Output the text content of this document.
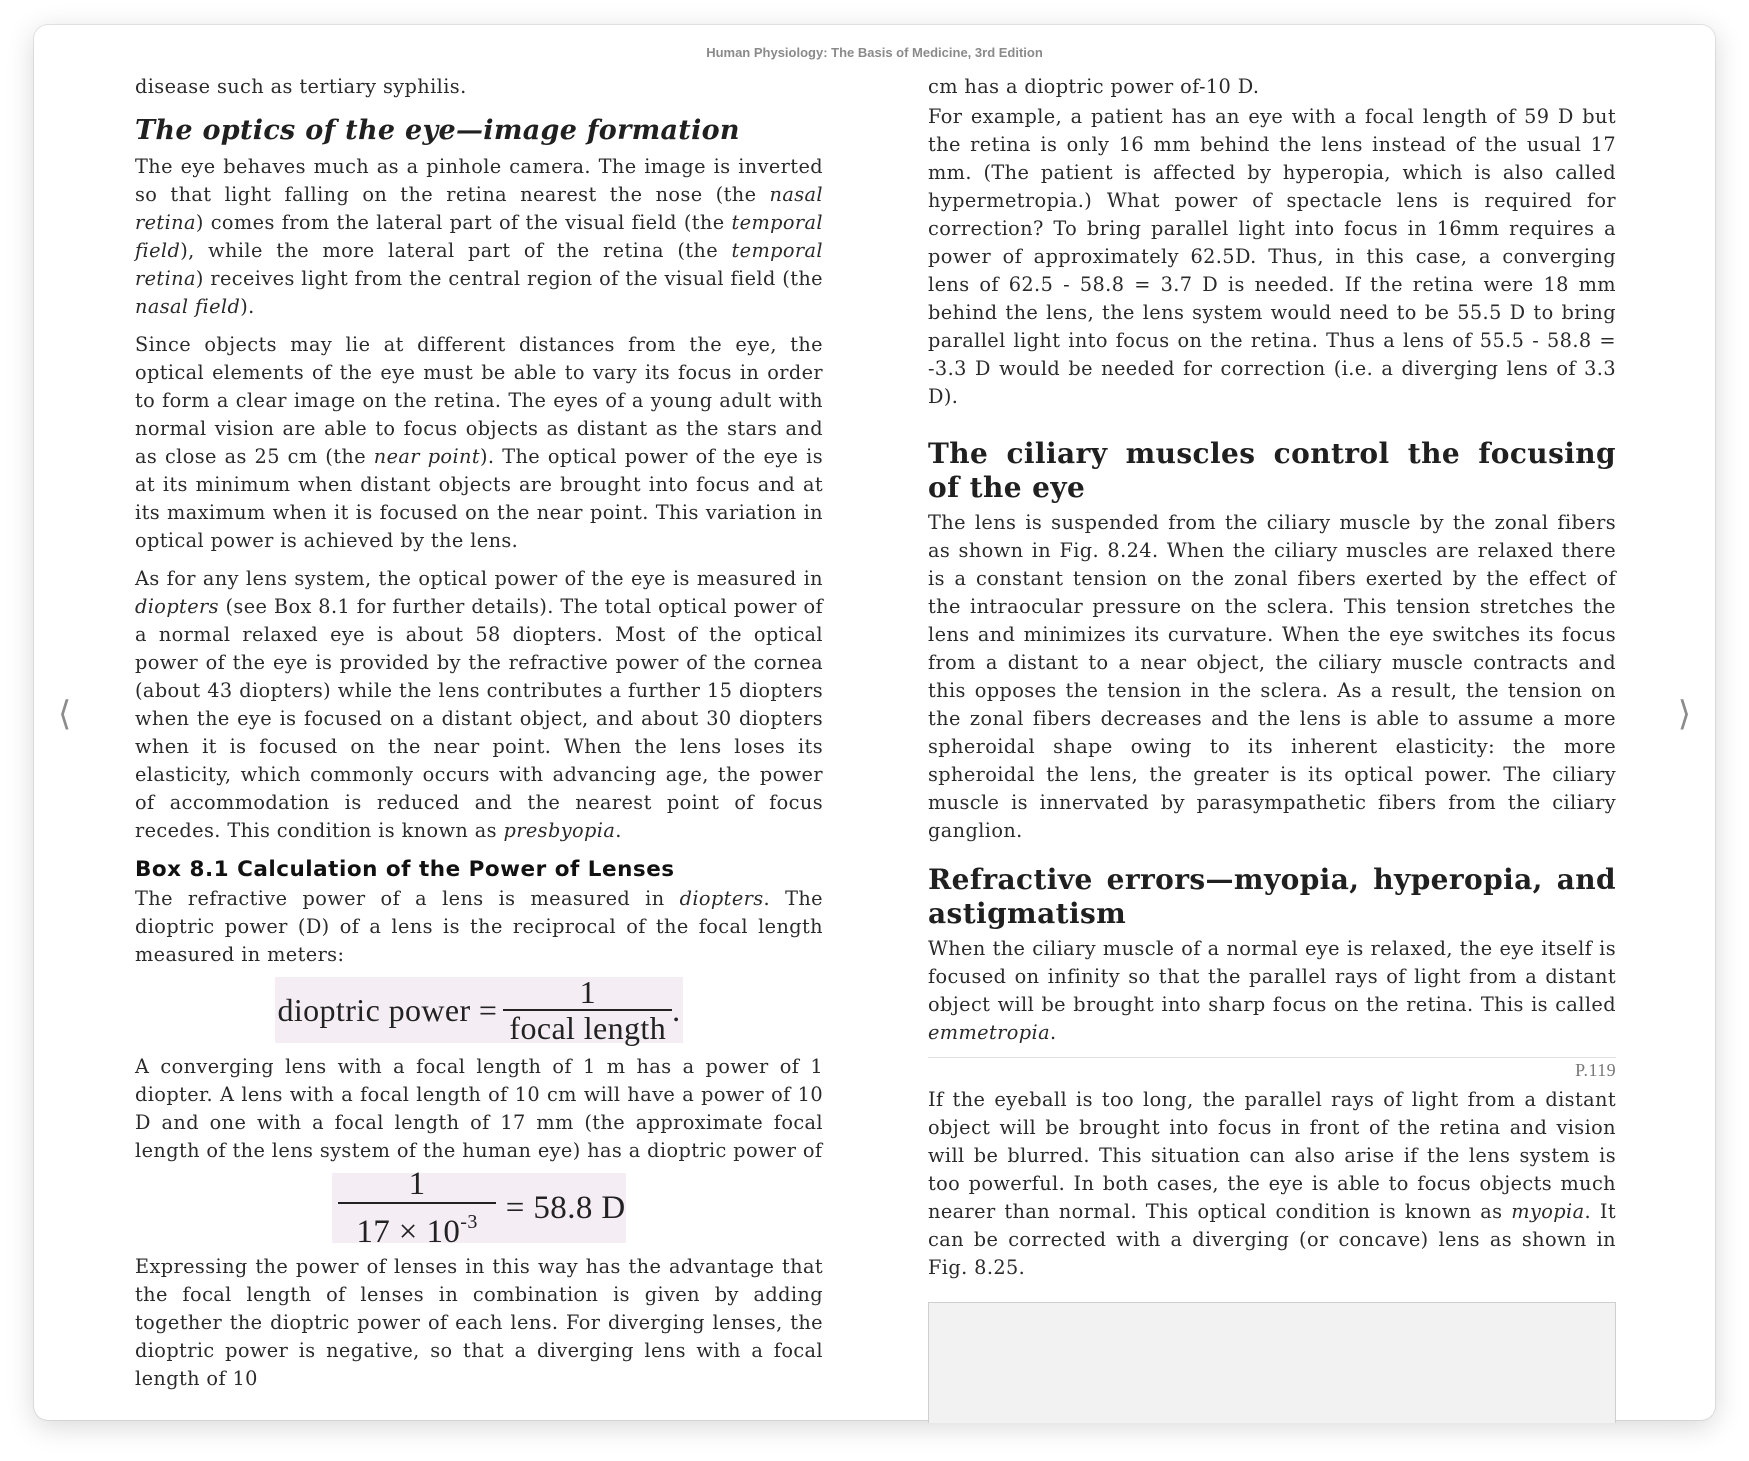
Human Physiology: The Basis of Medicine, 3rd Edition
⟨	⟩

disease such as tertiary syphilis.

The optics of the eye—image formation

The eye behaves much as a pinhole camera. The image is inverted so that light falling on the retina nearest the nose (the nasal retina) comes from the lateral part of the visual field (the temporal field), while the more lateral part of the retina (the temporal retina) receives light from the central region of the visual field (the nasal field).

Since objects may lie at different distances from the eye, the optical elements of the eye must be able to vary its focus in order to form a clear image on the retina. The eyes of a young adult with normal vision are able to focus objects as distant as the stars and as close as 25 cm (the near point). The optical power of the eye is at its minimum when distant objects are brought into focus and at its maximum when it is focused on the near point. This variation in optical power is achieved by the lens.

As for any lens system, the optical power of the eye is measured in diopters (see Box 8.1 for further details). The total optical power of a normal relaxed eye is about 58 diopters. Most of the optical power of the eye is provided by the refractive power of the cornea (about 43 diopters) while the lens contributes a further 15 diopters when the eye is focused on a distant object, and about 30 diopters when it is focused on the near point. When the lens loses its elasticity, which commonly occurs with advancing age, the power of accommodation is reduced and the nearest point of focus recedes. This condition is known as presbyopia.

Box 8.1 Calculation of the Power of Lenses

The refractive power of a lens is measured in diopters. The dioptric power (D) of a lens is the reciprocal of the focal length measured in meters:

dioptric power = $\frac{1}{\text{focal length}}$ .

A converging lens with a focal length of 1 m has a power of 1 diopter. A lens with a focal length of 10 cm will have a power of 10 D and one with a focal length of 17 mm (the approximate focal length of the lens system of the human eye) has a dioptric power of

$\frac{1}{17 \times 10^{-3}} = 58.8$ D

Expressing the power of lenses in this way has the advantage that the focal length of lenses in combination is given by adding together the dioptric power of each lens. For diverging lenses, the dioptric power is negative, so that a diverging lens with a focal length of 10

cm has a dioptric power of-10 D.

For example, a patient has an eye with a focal length of 59 D but the retina is only 16 mm behind the lens instead of the usual 17 mm. (The patient is affected by hyperopia, which is also called hypermetropia.) What power of spectacle lens is required for correction? To bring parallel light into focus in 16mm requires a power of approximately 62.5D. Thus, in this case, a converging lens of 62.5 - 58.8 = 3.7 D is needed. If the retina were 18 mm behind the lens, the lens system would need to be 55.5 D to bring parallel light into focus on the retina. Thus a lens of 55.5 - 58.8 = -3.3 D would be needed for correction (i.e. a diverging lens of 3.3 D).

The ciliary muscles control the focusing of the eye

The lens is suspended from the ciliary muscle by the zonal fibers as shown in Fig. 8.24. When the ciliary muscles are relaxed there is a constant tension on the zonal fibers exerted by the effect of the intraocular pressure on the sclera. This tension stretches the lens and minimizes its curvature. When the eye switches its focus from a distant to a near object, the ciliary muscle contracts and this opposes the tension in the sclera. As a result, the tension on the zonal fibers decreases and the lens is able to assume a more spheroidal shape owing to its inherent elasticity: the more spheroidal the lens, the greater is its optical power. The ciliary muscle is innervated by parasympathetic fibers from the ciliary ganglion.

Refractive errors—myopia, hyperopia, and astigmatism

When the ciliary muscle of a normal eye is relaxed, the eye itself is focused on infinity so that the parallel rays of light from a distant object will be brought into sharp focus on the retina. This is called emmetropia.

P.119

If the eyeball is too long, the parallel rays of light from a distant object will be brought into focus in front of the retina and vision will be blurred. This situation can also arise if the lens system is too powerful. In both cases, the eye is able to focus objects much nearer than normal. This optical condition is known as myopia. It can be corrected with a diverging (or concave) lens as shown in Fig. 8.25.
